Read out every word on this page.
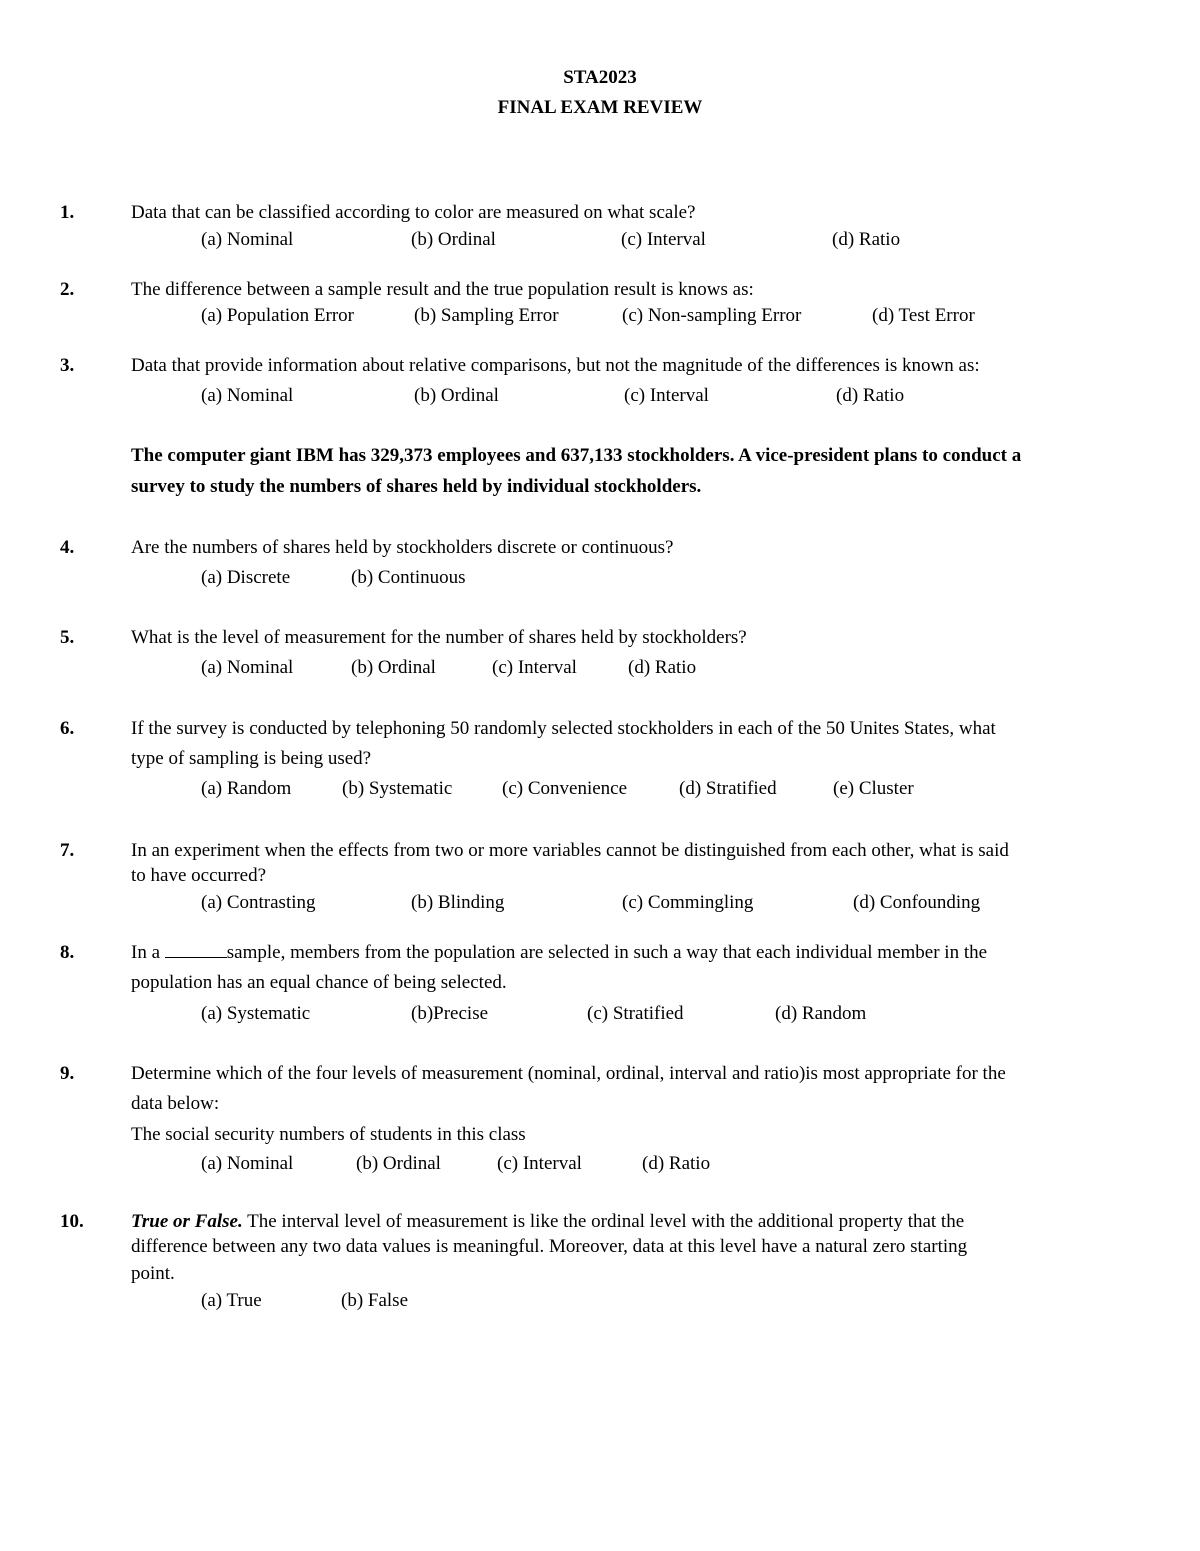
STA2023
FINAL EXAM REVIEW
1.	Data that can be classified according to color are measured on what scale?
(a) Nominal	(b) Ordinal	(c) Interval	(d) Ratio
2.	The difference between a sample result and the true population result is knows as:
(a) Population Error	(b) Sampling Error	(c) Non-sampling Error	(d) Test Error
3.	Data that provide information about relative comparisons, but not the magnitude of the differences is known as:
(a) Nominal	(b) Ordinal	(c) Interval	(d) Ratio
The computer giant IBM has 329,373 employees and 637,133 stockholders. A vice-president plans to conduct a
survey to study the numbers of shares held by individual stockholders.
4.	Are the numbers of shares held by stockholders discrete or continuous?
(a) Discrete	(b) Continuous
5.	What is the level of measurement for the number of shares held by stockholders?
(a) Nominal	(b) Ordinal	(c) Interval	(d) Ratio
6.	If the survey is conducted by telephoning 50 randomly selected stockholders in each of the 50 Unites States, what
type of sampling is being used?
(a) Random	(b) Systematic	(c) Convenience	(d) Stratified	(e) Cluster
7.	In an experiment when the effects from two or more variables cannot be distinguished from each other, what is said
to have occurred?
(a) Contrasting	(b) Blinding	(c) Commingling	(d) Confounding
8.	In a	sample, members from the population are selected in such a way that each individual member in the
population has an equal chance of being selected.
(a) Systematic	(b)Precise	(c) Stratified	(d) Random
9.	Determine which of the four levels of measurement (nominal, ordinal, interval and ratio)is most appropriate for the
data below:
The social security numbers of students in this class
(a) Nominal	(b) Ordinal	(c) Interval	(d) Ratio
10. True or False. The interval level of measurement is like the ordinal level with the additional property that the
difference between any two data values is meaningful. Moreover, data at this level have a natural zero starting
point.
(a) True	(b) False
